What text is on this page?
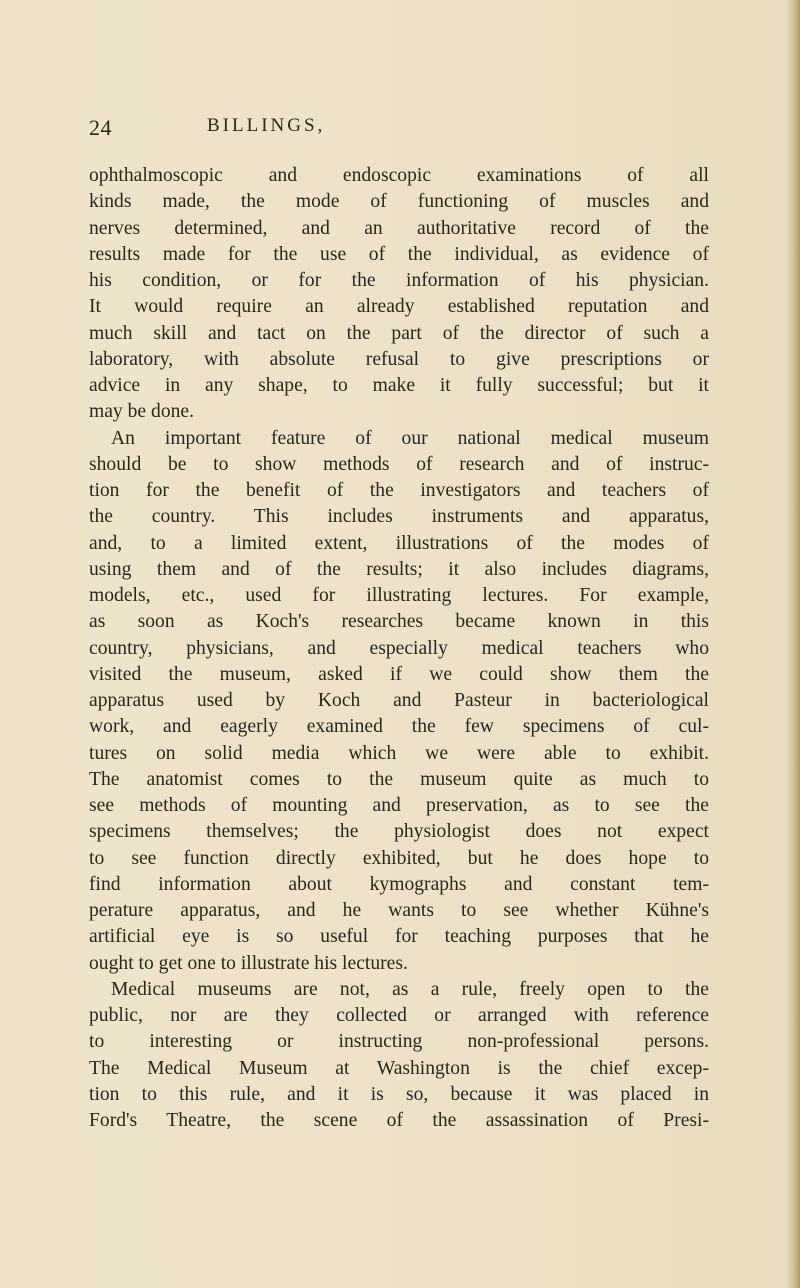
24	BILLINGS,
ophthalmoscopic and endoscopic examinations of all
kinds made, the mode of functioning of muscles and
nerves determined, and an authoritative record of the
results made for the use of the individual, as evidence of
his condition, or for the information of his physician.
It would require an already established reputation and
much skill and tact on the part of the director of such a
laboratory, with absolute refusal to give prescriptions or
advice in any shape, to make it fully successful; but it
may be done.
An important feature of our national medical museum
should be to show methods of research and of instruc-
tion for the benefit of the investigators and teachers of
the country. This includes instruments and apparatus,
and, to a limited extent, illustrations of the modes of
using them and of the results; it also includes diagrams,
models, etc., used for illustrating lectures. For example,
as soon as Koch's researches became known in this
country, physicians, and especially medical teachers who
visited the museum, asked if we could show them the
apparatus used by Koch and Pasteur in bacteriological
work, and eagerly examined the few specimens of cul-
tures on solid media which we were able to exhibit.
The anatomist comes to the museum quite as much to
see methods of mounting and preservation, as to see the
specimens themselves; the physiologist does not expect
to see function directly exhibited, but he does hope to
find information about kymographs and constant tem-
perature apparatus, and he wants to see whether Kühne's
artificial eye is so useful for teaching purposes that he
ought to get one to illustrate his lectures.
Medical museums are not, as a rule, freely open to the
public, nor are they collected or arranged with reference
to interesting or instructing non-professional persons.
The Medical Museum at Washington is the chief excep-
tion to this rule, and it is so, because it was placed in
Ford's Theatre, the scene of the assassination of Presi-
